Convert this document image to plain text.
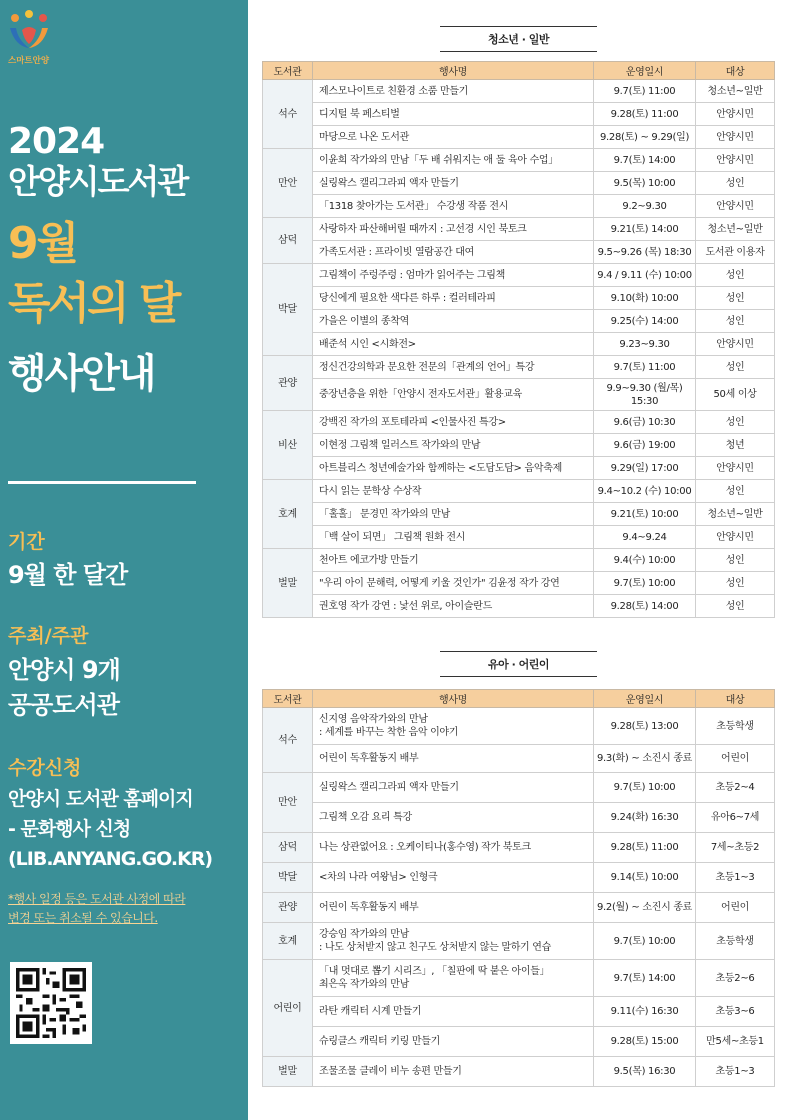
스마트안양
2024
안양시도서관
9월
독서의 달
행사안내
기간
9월 한 달간
주최/주관
안양시 9개
공공도서관
수강신청
안양시 도서관 홈페이지
- 문화행사 신청
(LIB.ANYANG.GO.KR)
*행사 일정 등은 도서관 사정에 따라
변경 또는 취소될 수 있습니다.
청소년 · 일반
도서관	행사명	운영일시	대상
석수	제스모나이트로 친환경 소품 만들기	9.7(토) 11:00	청소년~일반
	디지털 북 페스티벌	9.28(토) 11:00	안양시민
	마당으로 나온 도서관	9.28(토) ~ 9.29(일)	안양시민
만안	이윤희 작가와의 만남「두 배 쉬워지는 애 둘 육아 수업」	9.7(토) 14:00	안양시민
	실링왁스 캘리그라피 액자 만들기	9.5(목) 10:00	성인
	「1318 찾아가는 도서관」 수강생 작품 전시	9.2~9.30	안양시민
삼덕	사랑하자 파산해버릴 때까지 : 고선경 시인 북토크	9.21(토) 14:00	청소년~일반
	가족도서관 : 프라이빗 열람공간 대여	9.5~9.26 (목) 18:30	도서관 이용자
박달	그림책이 주렁주렁 : 엄마가 읽어주는 그림책	9.4 / 9.11 (수) 10:00	성인
	당신에게 필요한 색다른 하루 : 컬러테라피	9.10(화) 10:00	성인
	가을은 이별의 종착역	9.25(수) 14:00	성인
	배준석 시인 <시화전>	9.23~9.30	안양시민
관양	정신건강의학과 문요한 전문의「관계의 언어」특강	9.7(토) 11:00	성인
	중장년층을 위한「안양시 전자도서관」활용교육	9.9~9.30 (월/목)
15:30	50세 이상
비산	강백진 작가의 포토테라피 <인물사진 특강>	9.6(금) 10:30	성인
	이현정 그림책 일러스트 작가와의 만남	9.6(금) 19:00	청년
	아트블리스 청년예술가와 함께하는 <도담도담> 음악축제	9.29(일) 17:00	안양시민
호계	다시 읽는 문학상 수상작	9.4~10.2 (수) 10:00	성인
	「홀홀」 문경민 작가와의 만남	9.21(토) 10:00	청소년~일반
	「백 살이 되면」 그림책 원화 전시	9.4~9.24	안양시민
벌말	천아트 에코가방 만들기	9.4(수) 10:00	성인
	"우리 아이 문해력, 어떻게 키울 것인가" 김윤정 작가 강연	9.7(토) 10:00	성인
	권호영 작가 강연 : 낯선 위로, 아이슬란드	9.28(토) 14:00	성인
유아 · 어린이
도서관	행사명	운영일시	대상
석수	신지영 음악작가와의 만남
: 세계를 바꾸는 착한 음악 이야기	9.28(토) 13:00	초등학생
	어린이 독후활동지 배부	9.3(화) ~ 소진시 종료	어린이
만안	실링왁스 캘리그라피 액자 만들기	9.7(토) 10:00	초등2~4
	그림책 오감 요리 특강	9.24(화) 16:30	유아6~7세
삼덕	나는 상관없어요 : 오케이티나(홍수영) 작가 북토크	9.28(토) 11:00	7세~초등2
박달	<차의 나라 여왕님> 인형극	9.14(토) 10:00	초등1~3
관양	어린이 독후활동지 배부	9.2(월) ~ 소진시 종료	어린이
호계	강승임 작가와의 만남
: 나도 상처받지 않고 친구도 상처받지 않는 말하기 연습	9.7(토) 10:00	초등학생
어린이	「내 멋대로 뽑기 시리즈」, 「칠판에 딱 붙은 아이들」
최은옥 작가와의 만남	9.7(토) 14:00	초등2~6
	라탄 캐릭터 시계 만들기	9.11(수) 16:30	초등3~6
	슈링클스 캐릭터 키링 만들기	9.28(토) 15:00	만5세~초등1
벌말	조물조물 클레이 비누 송편 만들기	9.5(목) 16:30	초등1~3
